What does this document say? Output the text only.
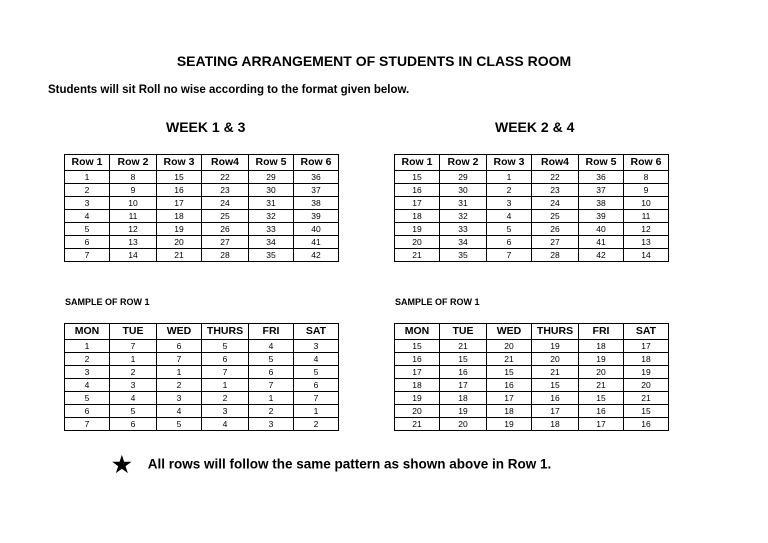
SEATING ARRANGEMENT OF STUDENTS IN CLASS ROOM
Students will sit Roll no wise according to the format given below.
WEEK 1 & 3	WEEK 2 & 4
Row 1	Row 2	Row 3	Row4	Row 5	Row 6
1	8	15	22	29	36
2	9	16	23	30	37
3	10	17	24	31	38
4	11	18	25	32	39
5	12	19	26	33	40
6	13	20	27	34	41
7	14	21	28	35	42
Row 1	Row 2	Row 3	Row4	Row 5	Row 6
15	29	1	22	36	8
16	30	2	23	37	9
17	31	3	24	38	10
18	32	4	25	39	11
19	33	5	26	40	12
20	34	6	27	41	13
21	35	7	28	42	14
SAMPLE OF ROW 1	SAMPLE OF ROW 1
MON	TUE	WED	THURS	FRI	SAT
1	7	6	5	4	3
2	1	7	6	5	4
3	2	1	7	6	5
4	3	2	1	7	6
5	4	3	2	1	7
6	5	4	3	2	1
7	6	5	4	3	2
MON	TUE	WED	THURS	FRI	SAT
15	21	20	19	18	17
16	15	21	20	19	18
17	16	15	21	20	19
18	17	16	15	21	20
19	18	17	16	15	21
20	19	18	17	16	15
21	20	19	18	17	16
★ All rows will follow the same pattern as shown above in Row 1.
